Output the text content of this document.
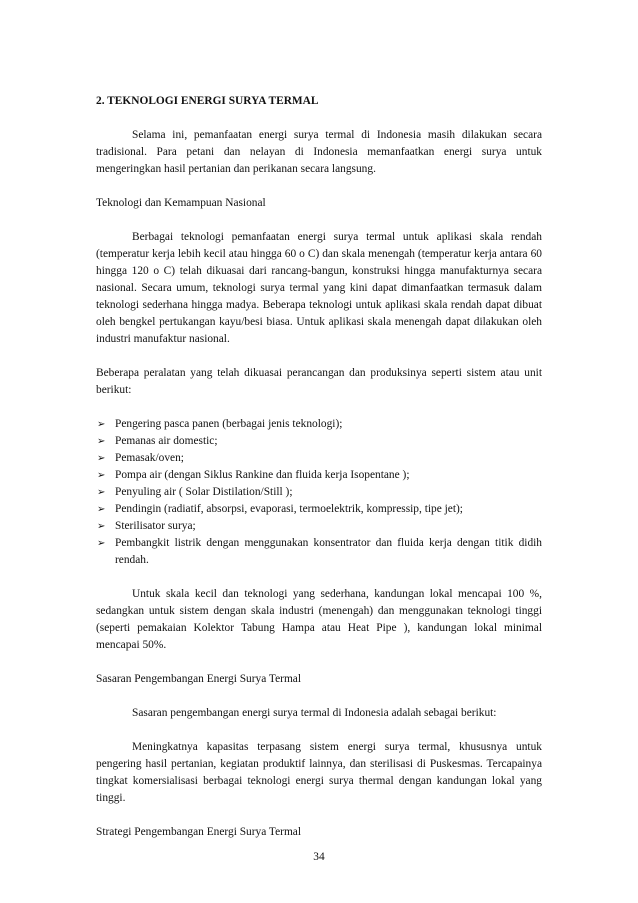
2. TEKNOLOGI ENERGI SURYA TERMAL

Selama ini, pemanfaatan energi surya termal di Indonesia masih dilakukan secara tradisional. Para petani dan nelayan di Indonesia memanfaatkan energi surya untuk mengeringkan hasil pertanian dan perikanan secara langsung.

Teknologi dan Kemampuan Nasional

Berbagai teknologi pemanfaatan energi surya termal untuk aplikasi skala rendah (temperatur kerja lebih kecil atau hingga 60 o C) dan skala menengah (temperatur kerja antara 60 hingga 120 o C) telah dikuasai dari rancang-bangun, konstruksi hingga manufakturnya secara nasional. Secara umum, teknologi surya termal yang kini dapat dimanfaatkan termasuk dalam teknologi sederhana hingga madya. Beberapa teknologi untuk aplikasi skala rendah dapat dibuat oleh bengkel pertukangan kayu/besi biasa. Untuk aplikasi skala menengah dapat dilakukan oleh industri manufaktur nasional.

Beberapa peralatan yang telah dikuasai perancangan dan produksinya seperti sistem atau unit berikut:

➢ Pengering pasca panen (berbagai jenis teknologi);
➢ Pemanas air domestic;
➢ Pemasak/oven;
➢ Pompa air (dengan Siklus Rankine dan fluida kerja Isopentane );
➢ Penyuling air ( Solar Distilation/Still );
➢ Pendingin (radiatif, absorpsi, evaporasi, termoelektrik, kompressip, tipe jet);
➢ Sterilisator surya;
➢ Pembangkit listrik dengan menggunakan konsentrator dan fluida kerja dengan titik didih rendah.

Untuk skala kecil dan teknologi yang sederhana, kandungan lokal mencapai 100 %, sedangkan untuk sistem dengan skala industri (menengah) dan menggunakan teknologi tinggi (seperti pemakaian Kolektor Tabung Hampa atau Heat Pipe ), kandungan lokal minimal mencapai 50%.

Sasaran Pengembangan Energi Surya Termal

Sasaran pengembangan energi surya termal di Indonesia adalah sebagai berikut:

Meningkatnya kapasitas terpasang sistem energi surya termal, khususnya untuk pengering hasil pertanian, kegiatan produktif lainnya, dan sterilisasi di Puskesmas. Tercapainya tingkat komersialisasi berbagai teknologi energi surya thermal dengan kandungan lokal yang tinggi.

Strategi Pengembangan Energi Surya Termal
34
